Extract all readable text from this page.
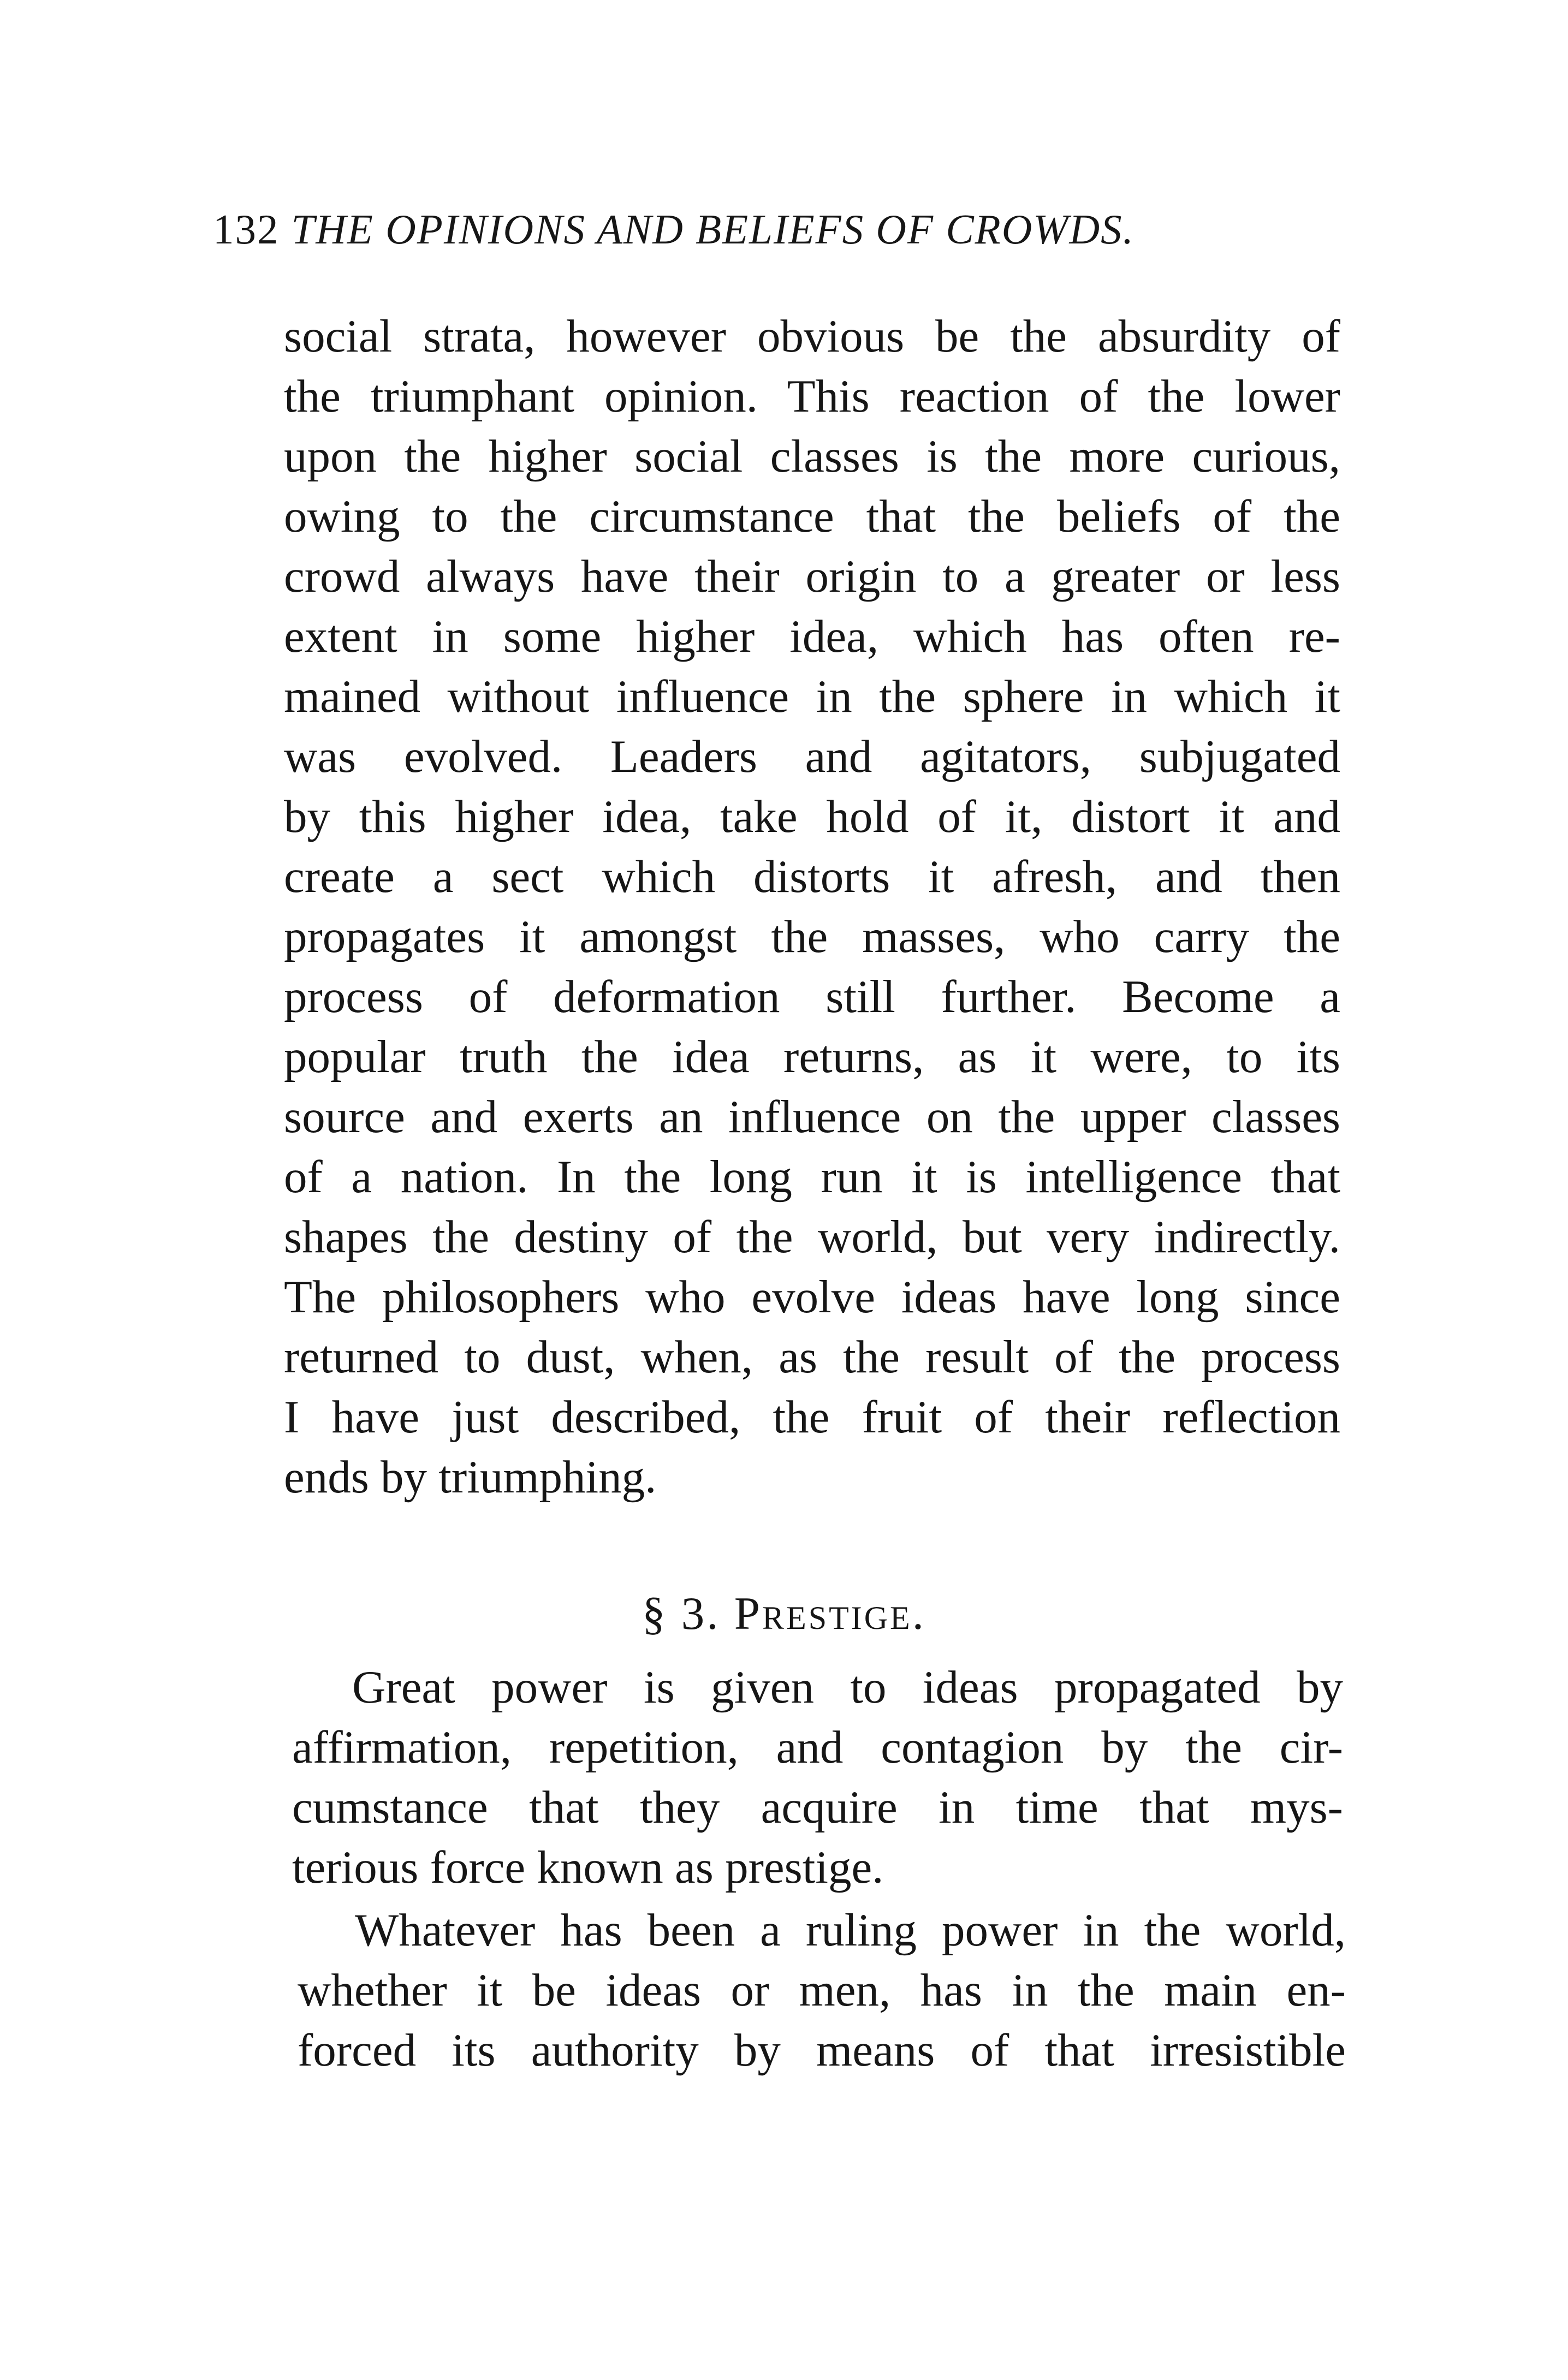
132 THE OPINIONS AND BELIEFS OF CROWDS.
social strata, however obvious be the absurdity of
the triumphant opinion. This reaction of the lower
upon the higher social classes is the more curious,
owing to the circumstance that the beliefs of the
crowd always have their origin to a greater or less
extent in some higher idea, which has often re-
mained without influence in the sphere in which it
was evolved. Leaders and agitators, subjugated
by this higher idea, take hold of it, distort it and
create a sect which distorts it afresh, and then
propagates it amongst the masses, who carry the
process of deformation still further. Become a
popular truth the idea returns, as it were, to its
source and exerts an influence on the upper classes
of a nation. In the long run it is intelligence that
shapes the destiny of the world, but very indirectly.
The philosophers who evolve ideas have long since
returned to dust, when, as the result of the process
I have just described, the fruit of their reflection
ends by triumphing.
§ 3. Prestige.
Great power is given to ideas propagated by
affirmation, repetition, and contagion by the cir-
cumstance that they acquire in time that mys-
terious force known as prestige.
Whatever has been a ruling power in the world,
whether it be ideas or men, has in the main en-
forced its authority by means of that irresistible
